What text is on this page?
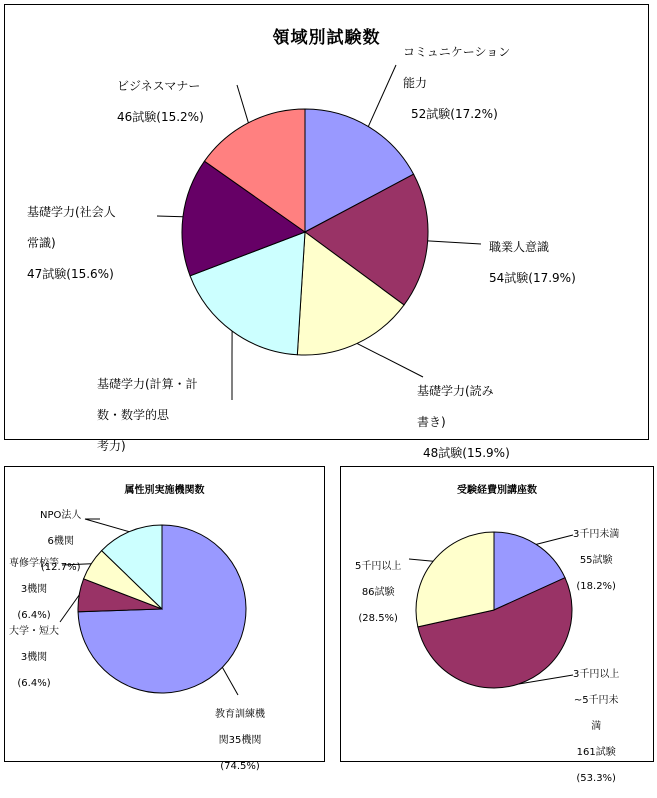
領域別試験数

コミュニケーション

能力

52試験(17.2%)

職業人意識

54試験(17.9%)

基礎学力(読み

書き)

48試験(15.9%)

基礎学力(計算・計

数・数学的思

考力)

基礎学力(社会人

常識)

47試験(15.6%)

ビジネスマナー

46試験(15.2%)

属性別実施機関数

教育訓練機

関35機関

(74.5%)

大学・短大

3機関

(6.4%)

専修学校等

3機関

(6.4%)

NPO法人

6機関

(12.7%)

受験経費別講座数

3千円未満

55試験

(18.2%)

3千円以上

~5千円未

満

161試験

(53.3%)

5千円以上

86試験

(28.5%)
